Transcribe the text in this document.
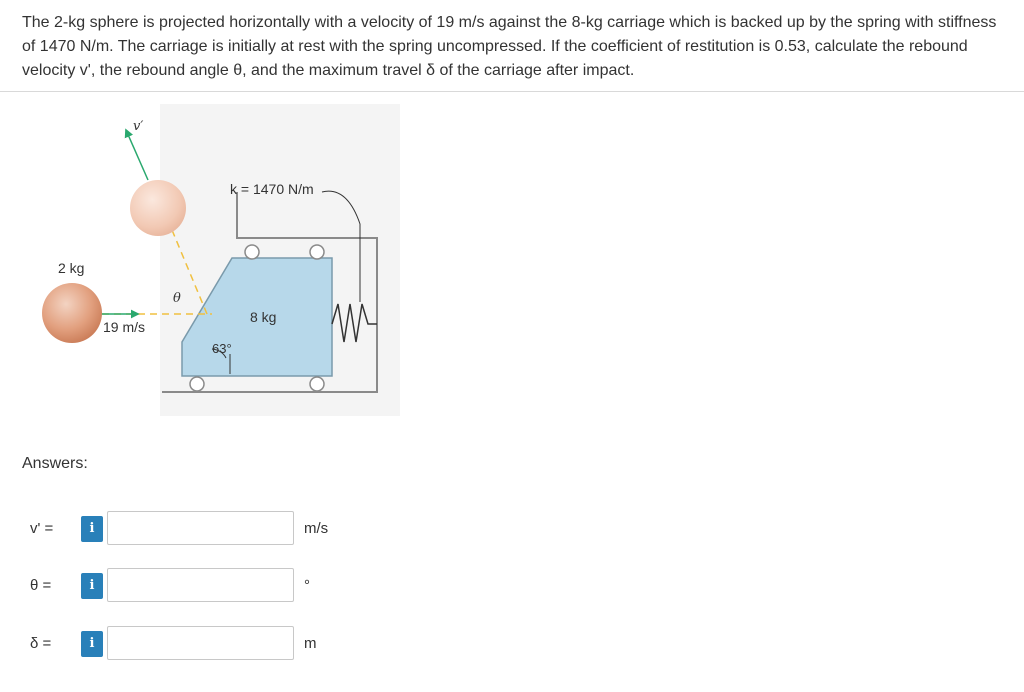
The 2-kg sphere is projected horizontally with a velocity of 19 m/s against the 8-kg carriage which is backed up by the spring with stiffness of 1470 N/m. The carriage is initially at rest with the spring uncompressed. If the coefficient of restitution is 0.53, calculate the rebound velocity v', the rebound angle θ, and the maximum travel δ of the carriage after impact.

v′
k = 1470 N/m
2 kg
θ
8 kg
19 m/s
63°
Answers:
v' =	i	m/s
θ =	i	°
δ =	i	m
